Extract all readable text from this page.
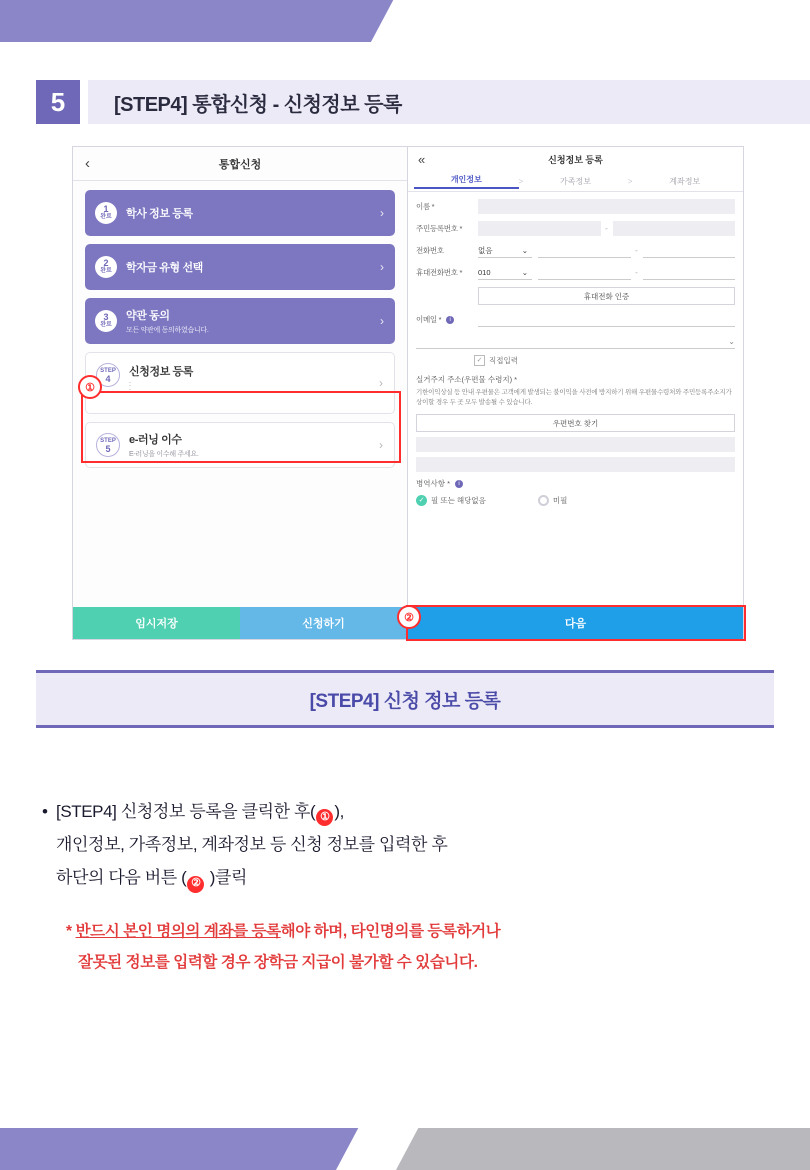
5	[STEP4] 통합신청 - 신청정보 등록
‹	통합신청
1
완료 학사 정보 등록	›
2
완료 학자금 유형 선택	›
3
완료
약관 동의
모든 약관에 동의하였습니다.
›
STEP
4
신청정보 등록
:
:
›
STEP
5
e-러닝 이수
E-러닝을 이수해 주세요.
›
①
임시저장	신청하기
«	신청정보 등록
개인정보	>	가족정보	>	계좌정보
이름 *
주민등록번호 *	-
전화번호	없음	⌄	-
휴대전화번호 *	010	⌄	-
휴대전화 인증
이메일 * i
⌄
✓ 직접입력
실거주지 주소(우편물 수령지) *
기한이익상실 등 안내 우편물은 고객에게 발생되는 불이익을 사전에 방지하기 위해 우편물수령처와 주민등록주소지가 상이할 경우 두 곳 모두 발송될 수 있습니다.
우편번호 찾기
병역사항 * i
✓ 필 또는 해당없음	미필
다음
②
[STEP4] 신청 정보 등록
• [STEP4] 신청정보 등록을 클릭한 후( ① ),
개인정보, 가족정보, 계좌정보 등 신청 정보를 입력한 후
하단의 다음 버튼 ( ② )클릭
* 반드시 본인 명의의 계좌를 등록해야 하며, 타인명의를 등록하거나
잘못된 정보를 입력할 경우 장학금 지급이 불가할 수 있습니다.
